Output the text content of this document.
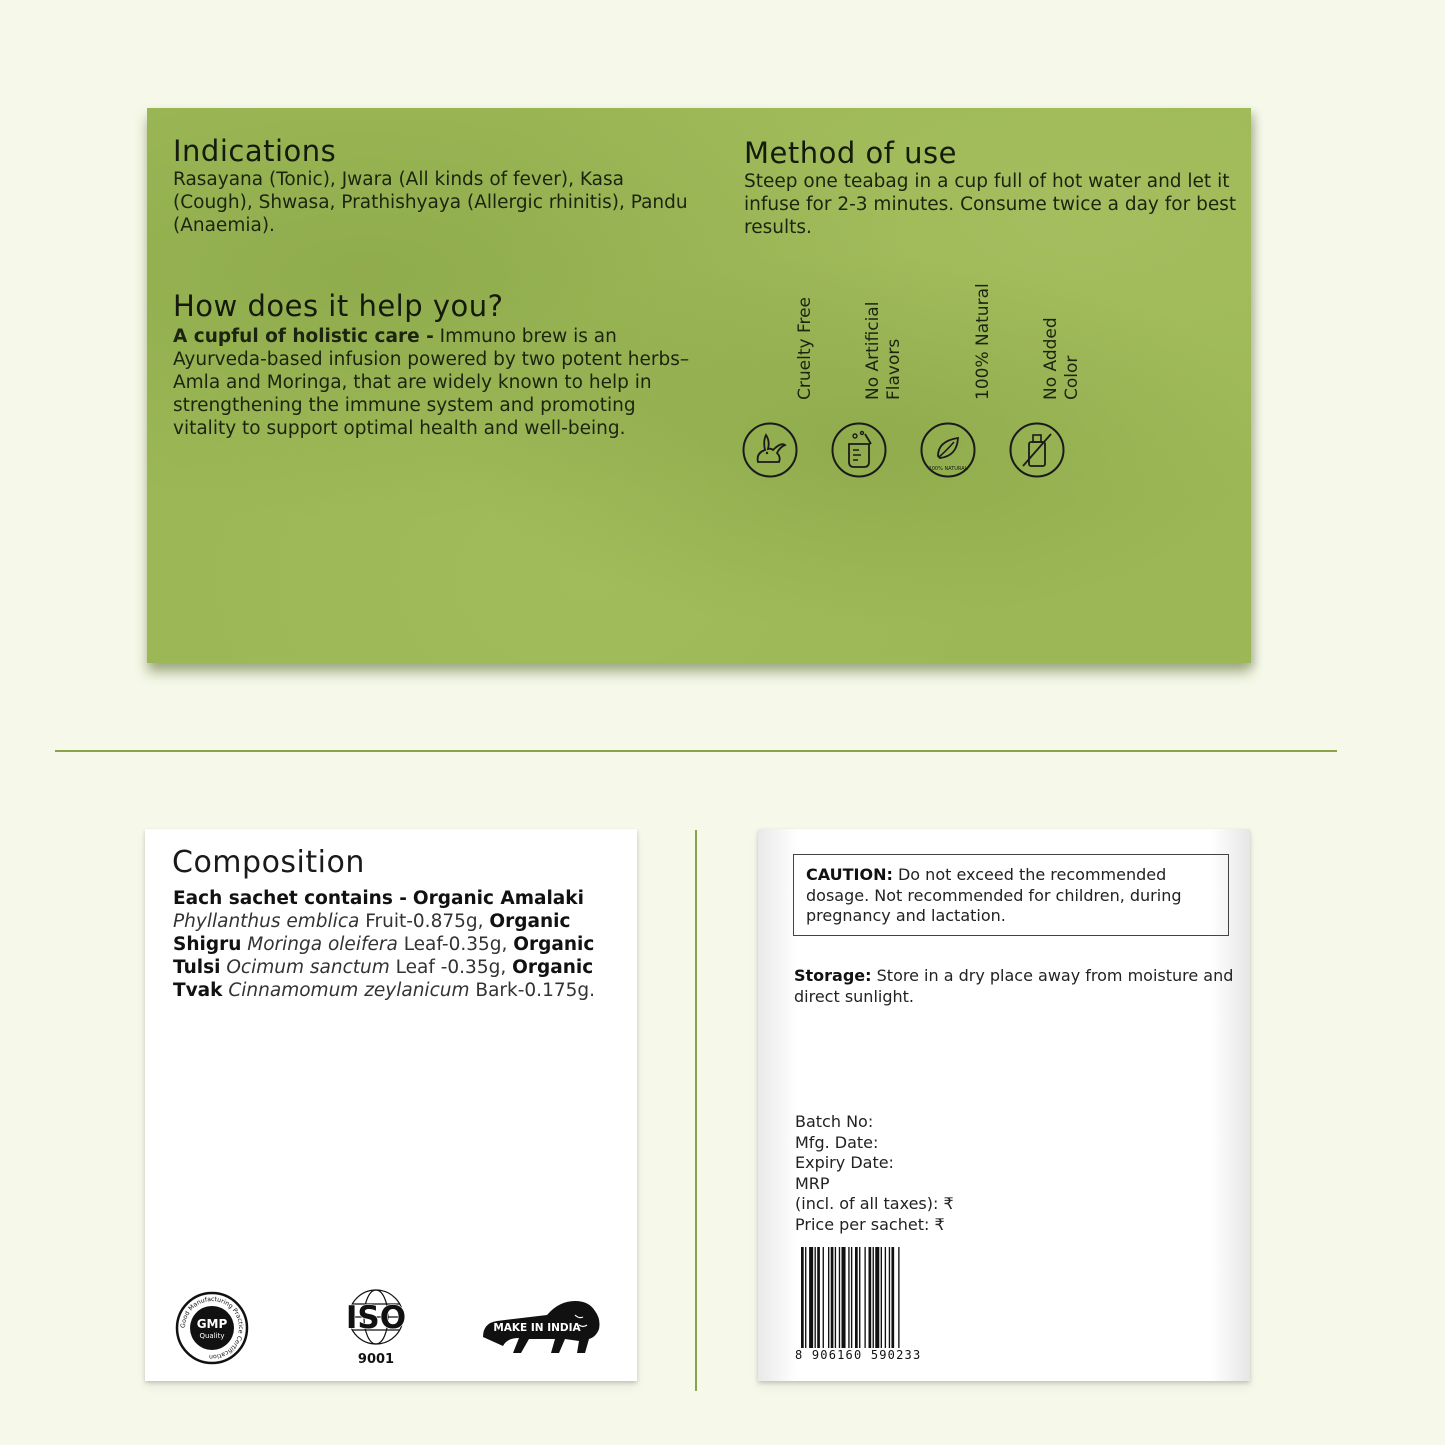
Indications

Rasayana (Tonic), Jwara (All kinds of fever), Kasa (Cough), Shwasa, Prathishyaya (Allergic rhinitis), Pandu (Anaemia).

How does it help you?

A cupful of holistic care - Immuno brew is an Ayurveda-based infusion powered by two potent herbs–Amla and Moringa, that are widely known to help in strengthening the immune system and promoting vitality to support optimal health and well-being.

Method of use

Steep one teabag in a cup full of hot water and let it infuse for 2-3 minutes. Consume twice a day for best results.

Cruelty Free	No Artificial Flavors	100% Natural
100% NATURAL
No Added Color
Composition
Each sachet contains - Organic Amalaki Phyllanthus emblica Fruit-0.875g, Organic Shigru Moringa oleifera Leaf-0.35g, Organic Tulsi Ocimum sanctum Leaf -0.35g, Organic Tvak Cinnamomum zeylanicum Bark-0.175g.
Good Manufacturing Practice Certification
GMP
Quality	ISO
9001
MAKE IN INDIA
CAUTION: Do not exceed the recommended dosage. Not recommended for children, during pregnancy and lactation.
Storage: Store in a dry place away from moisture and direct sunlight.
Batch No:
Mfg. Date:
Expiry Date:
MRP
(incl. of all taxes): ₹
Price per sachet: ₹
8 906160 590233
